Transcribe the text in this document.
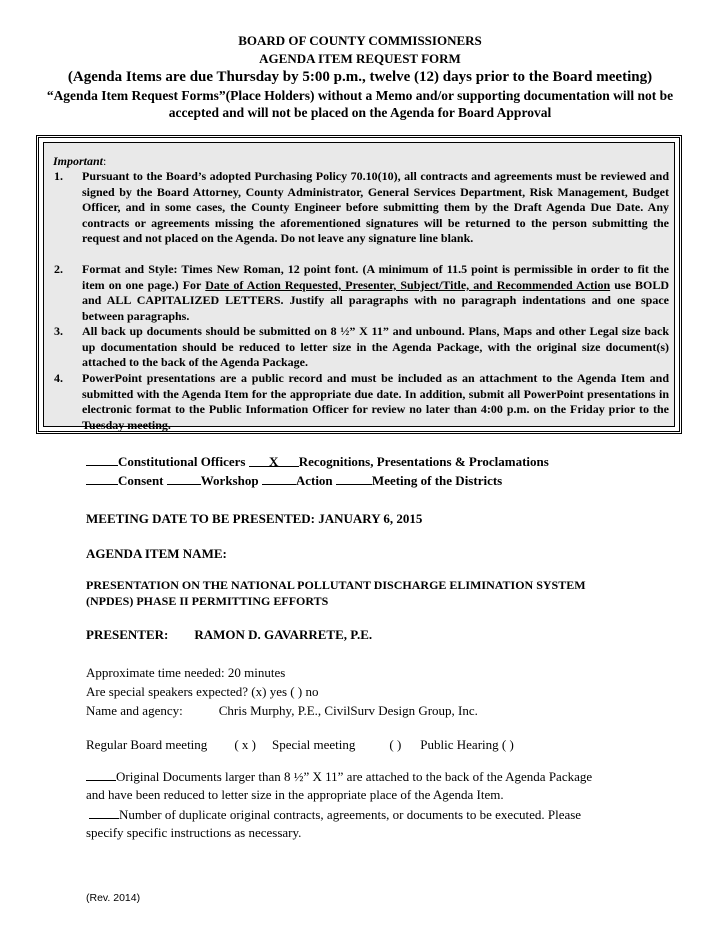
BOARD OF COUNTY COMMISSIONERS

AGENDA ITEM REQUEST FORM

(Agenda Items are due Thursday by 5:00 p.m., twelve (12) days prior to the Board meeting)

“Agenda Item Request Forms”(Place Holders) without a Memo and/or supporting documentation will not be accepted and will not be placed on the Agenda for Board Approval

Important:
1. Pursuant to the Board’s adopted Purchasing Policy 70.10(10), all contracts and agreements must be reviewed and signed by the Board Attorney, County Administrator, General Services Department, Risk Management, Budget Officer, and in some cases, the County Engineer before submitting them by the Draft Agenda Due Date. Any contracts or agreements missing the aforementioned signatures will be returned to the person submitting the request and not placed on the Agenda. Do not leave any signature line blank.
2. Format and Style: Times New Roman, 12 point font. (A minimum of 11.5 point is permissible in order to fit the item on one page.) For Date of Action Requested, Presenter, Subject/Title, and Recommended Action use BOLD and ALL CAPITALIZED LETTERS. Justify all paragraphs with no paragraph indentations and one space between paragraphs.
3. All back up documents should be submitted on 8 ½” X 11” and unbound. Plans, Maps and other Legal size back up documentation should be reduced to letter size in the Agenda Package, with the original size document(s) attached to the back of the Agenda Package.
4. PowerPoint presentations are a public record and must be included as an attachment to the Agenda Item and submitted with the Agenda Item for the appropriate due date. In addition, submit all PowerPoint presentations in electronic format to the Public Information Officer for review no later than 4:00 p.m. on the Friday prior to the Tuesday meeting.
Constitutional Officers X Recognitions, Presentations & Proclamations
Consent	Workshop	Action	Meeting of the Districts
MEETING DATE TO BE PRESENTED: JANUARY 6, 2015
AGENDA ITEM NAME:
PRESENTATION ON THE NATIONAL POLLUTANT DISCHARGE ELIMINATION SYSTEM
(NPDES) PHASE II PERMITTING EFFORTS
PRESENTER: RAMON D. GAVARRETE, P.E.
Approximate time needed: 20 minutes
Are special speakers expected? (x) yes ( ) no
Name and agency:	Chris Murphy, P.E., CivilSurv Design Group, Inc.
Regular Board meeting ( x ) Special meeting	( ) Public Hearing ( )
Original Documents larger than 8 ½” X 11” are attached to the back of the Agenda Package
and have been reduced to letter size in the appropriate place of the Agenda Item.
Number of duplicate original contracts, agreements, or documents to be executed. Please
specify specific instructions as necessary.
(Rev. 2014)
